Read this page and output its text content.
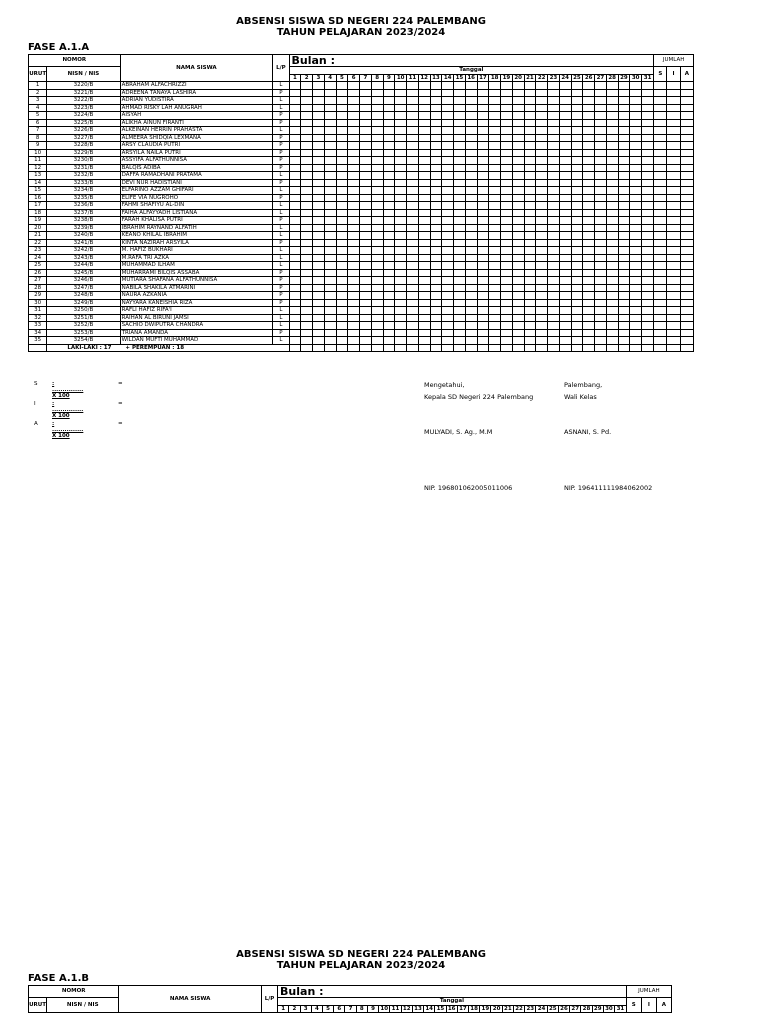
ABSENSI SISWA SD NEGERI 224 PALEMBANG
TAHUN PELAJARAN 2023/2024
FASE A.1.A
NOMOR		NAMA SISWA	L/P	Bulan :																															JUMLAH		
URUT	NISN / NIS			Tanggal																															S	I	A
				1	2	3	4	5	6	7	8	9	10	11	12	13	14	15	16	17	18	19	20	21	22	23	24	25	26	27	28	29	30	31			
1	3220/B	ABRAHAM ALFACHRIZZI	L																																		
2	3221/B	ADREENA TANAYA LASHIRA	P																																		
3	3222/B	ADRIAN YUDISTIRA	L																																		
4	3223/B	AHMAD RISKY LAH ANUGRAH	L																																		
5	3224/B	AISYAH	P																																		
6	3225/B	ALIKHA AINUN FIRANTI	P																																		
7	3226/B	ALKEINAN HERRIN PRAHASTA	L																																		
8	3227/B	ALMEERA SHIDQIA LEXMANA	P																																		
9	3228/B	ARSY CLAUDIA PUTRI	P																																		
10	3229/B	ARSYILA NAILA PUTRI	P																																		
11	3230/B	ASSYIFA ALFATHUNNISA	P																																		
12	3231/B	BALQIS ADIBA	P																																		
13	3232/B	DAFFA RAMADHANI PRATAMA	L																																		
14	3233/B	DEVI NUR HADISTIANI	P																																		
15	3234/B	ELFARINO AZZAM GHIFARI	L																																		
16	3235/B	ELIFE VIA NUGROHO	P																																		
17	3236/B	FAHMI SHAFIYU AL-DIN	L																																		
18	3237/B	FAIHA ALFAYYADH LISTIANA	L																																		
19	3238/B	FARAH KHALISA PUTRI	P																																		
20	3239/B	IBRAHIM RAYNAND ALFATIH	L																																		
21	3240/B	KEANO KHILAL IBRAHIM	L																																		
22	3241/B	KINTA NAZIRAH ARSYILA	P																																		
23	3242/B	M. HAFIZ BUKHARI	L																																		
24	3243/B	M.RAFA TRI AZKA	L																																		
25	3244/B	MUHAMMAD ILHAM	L																																		
26	3245/B	MUHARRAMI BILQIS ASSABA	P																																		
27	3246/B	MUTIARA SHAFANA ALFATHUNNISA	P																																		
28	3247/B	NABILA SHAKILA ATMARINI	P																																		
29	3248/B	NAURA AZKANIA	P																																		
30	3249/B	NAYYARA KANEISHIA RIZA	P																																		
31	3250/B	RAFLI HAFIZ RIFA'I	L																																		
32	3251/B	RAIHAN AL BIRUNI JAMSI	L																																		
33	3252/B	SACHIO DWIPUTRA CHANDRA	L																																		
34	3253/B	TRIANA AMANDA	P																																		
35	3254/B	WILDAN MUFTI MUHAMMAD	L																																		
	LAKI-LAKI : 17 + PEREMPUAN : 18																																				
S	: ............... X 100
=
I	: ............... X 100
=
A	: ............... X 100
=
Mengetahui,
Kepala SD Negeri 224 Palembang
Palembang,
Wali Kelas
MULYADI, S. Ag., M.M	ASNANI, S. Pd.
NIP. 196801062005011006	NIP. 196411111984062002
ABSENSI SISWA SD NEGERI 224 PALEMBANG
TAHUN PELAJARAN 2023/2024
FASE A.1.B
NOMOR		NAMA SISWA	L/P	Bulan :																															JUMLAH		
URUT	NISN / NIS			Tanggal																															S	I	A
				1	2	3	4	5	6	7	8	9	10	11	12	13	14	15	16	17	18	19	20	21	22	23	24	25	26	27	28	29	30	31			
